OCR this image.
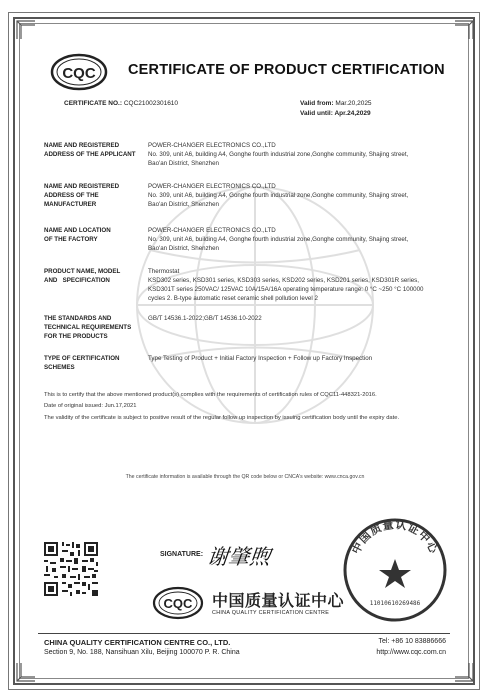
CQC CERTIFICATE OF PRODUCT CERTIFICATION
CERTIFICATE NO.: CQC21002301610	Valid from: Mar.20,2025
Valid until: Apr.24,2029
NAME AND REGISTERED
ADDRESS OF THE APPLICANT
POWER-CHANGER ELECTRONICS CO.,LTD
No. 309, unit A6, building A4, Gonghe fourth industrial zone,Gonghe community, Shajing street,
Bao'an District, Shenzhen
NAME AND REGISTERED
ADDRESS OF THE
MANUFACTURER
POWER-CHANGER ELECTRONICS CO.,LTD
No. 309, unit A6, building A4, Gonghe fourth industrial zone,Gonghe community, Shajing street,
Bao'an District, Shenzhen
NAME AND LOCATION
OF THE FACTORY
POWER-CHANGER ELECTRONICS CO.,LTD
No. 309, unit A6, building A4, Gonghe fourth industrial zone,Gonghe community, Shajing street,
Bao'an District, Shenzhen
PRODUCT NAME, MODEL
AND   SPECIFICATION
Thermostat
KSD302 series, KSD301 series, KSD303 series, KSD202 series, KSD201 series, KSD301R series,
KSD301T series 250VAC/ 125VAC 10A/15A/16A operating temperature range: 0 °C ~250 °C 100000
cycles 2. B-type automatic reset ceramic shell pollution level 2
THE STANDARDS AND
TECHNICAL REQUIREMENTS
FOR THE PRODUCTS
GB/T 14536.1-2022;GB/T 14536.10-2022
TYPE OF CERTIFICATION
SCHEMES
Type Testing of Product + Initial Factory Inspection + Follow up Factory Inspection
This is to certify that the above mentioned product(s) complies with the requirements of certification rules of CQC11-448321-2016.
Date of original issued: Jun.17,2021
The validity of the certificate is subject to positive result of the regular follow up inspection by issuing certification body until the expiry date.
The certificate information is available through the QR code below or CNCA's website: www.cnca.gov.cn
SIGNATURE: 谢肇煦	中国质量认证中心
11010610269486
CQC 中国质量认证中心
CHINA QUALITY CERTIFICATION CENTRE
CHINA QUALITY CERTIFICATION CENTRE CO., LTD.
Section 9, No. 188, Nansihuan Xilu, Beijing 100070 P. R. China
Tel: +86 10 83886666
http://www.cqc.com.cn
